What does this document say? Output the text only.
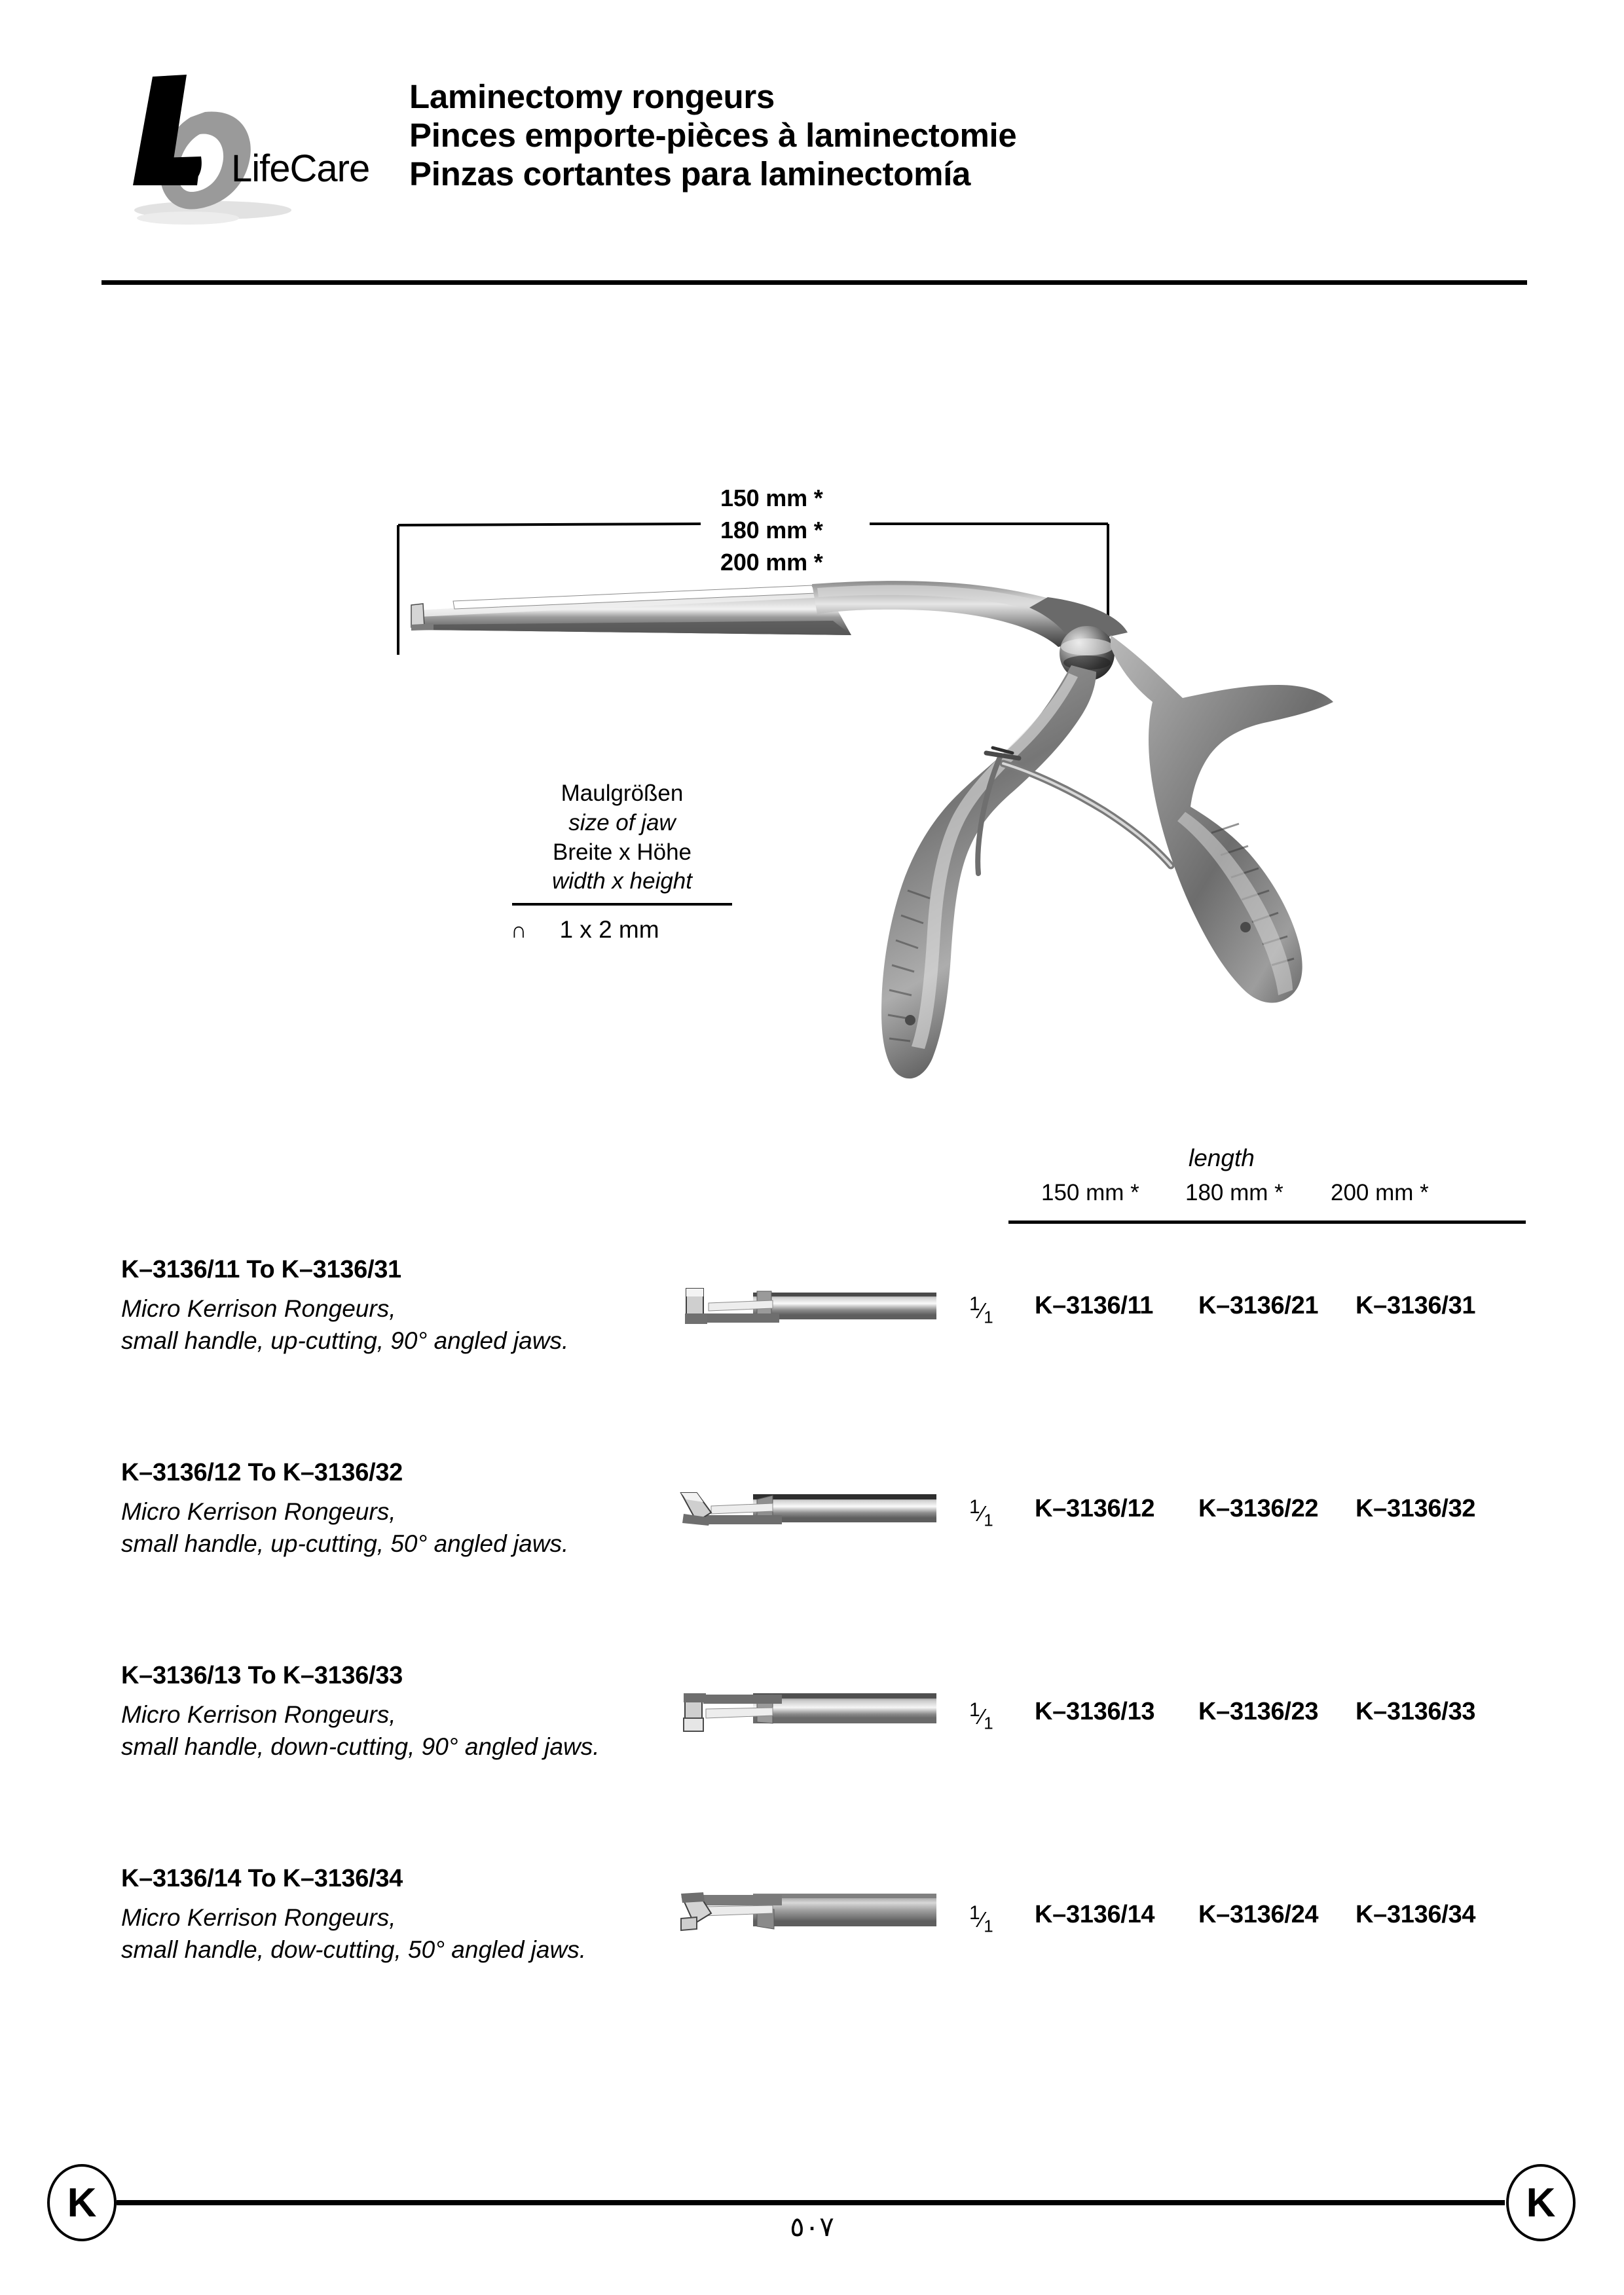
LifeCare
Laminectomy rongeurs
Pinces emporte-pièces à laminectomie
Pinzas cortantes para laminectomía
150 mm *
180 mm *
200 mm *
Maulgrößen
size of jaw
Breite x Höhe
width x height
∩ 1 x 2 mm
length
150 mm * 180 mm * 200 mm *
K–3136/11 To K–3136/31
Micro Kerrison Rongeurs,
small handle, up-cutting, 90° angled jaws.
$^1⁄_1$ K–3136/11 K–3136/21 K–3136/31
K–3136/12 To K–3136/32
Micro Kerrison Rongeurs,
small handle, up-cutting, 50° angled jaws.
$^1⁄_1$ K–3136/12 K–3136/22 K–3136/32
K–3136/13 To K–3136/33
Micro Kerrison Rongeurs,
small handle, down-cutting, 90° angled jaws.
$^1⁄_1$ K–3136/13 K–3136/23 K–3136/33
K–3136/14 To K–3136/34
Micro Kerrison Rongeurs,
small handle, dow-cutting, 50° angled jaws.
$^1⁄_1$ K–3136/14 K–3136/24 K–3136/34
K	K
٥٠٧
